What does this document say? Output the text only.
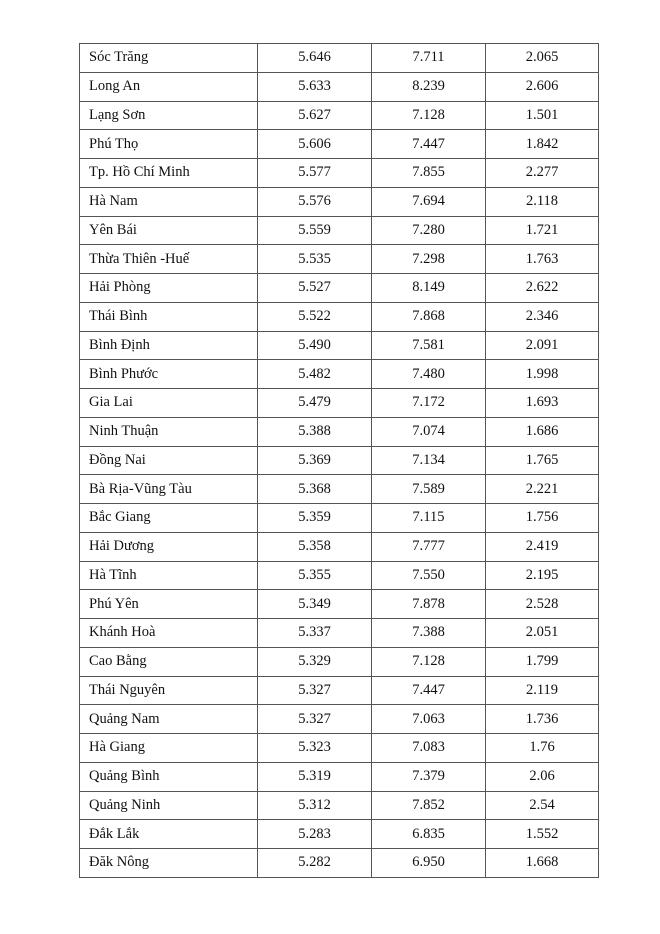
Sóc Trăng	5.646	7.711	2.065
Long An	5.633	8.239	2.606
Lạng Sơn	5.627	7.128	1.501
Phú Thọ	5.606	7.447	1.842
Tp. Hồ Chí Minh	5.577	7.855	2.277
Hà Nam	5.576	7.694	2.118
Yên Bái	5.559	7.280	1.721
Thừa Thiên -Huế	5.535	7.298	1.763
Hải Phòng	5.527	8.149	2.622
Thái Bình	5.522	7.868	2.346
Bình Định	5.490	7.581	2.091
Bình Phước	5.482	7.480	1.998
Gia Lai	5.479	7.172	1.693
Ninh Thuận	5.388	7.074	1.686
Đồng Nai	5.369	7.134	1.765
Bà Rịa-Vũng Tàu	5.368	7.589	2.221
Bắc Giang	5.359	7.115	1.756
Hải Dương	5.358	7.777	2.419
Hà Tĩnh	5.355	7.550	2.195
Phú Yên	5.349	7.878	2.528
Khánh Hoà	5.337	7.388	2.051
Cao Bằng	5.329	7.128	1.799
Thái Nguyên	5.327	7.447	2.119
Quảng Nam	5.327	7.063	1.736
Hà Giang	5.323	7.083	1.76
Quảng Bình	5.319	7.379	2.06
Quảng Ninh	5.312	7.852	2.54
Đắk Lắk	5.283	6.835	1.552
Đăk Nông	5.282	6.950	1.668
